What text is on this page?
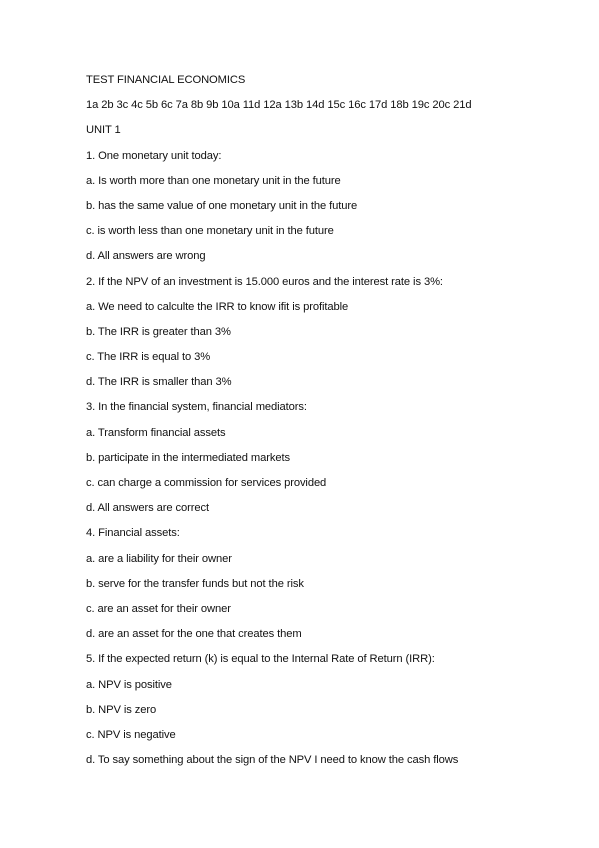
TEST FINANCIAL ECONOMICS
1a 2b 3c 4c 5b 6c 7a 8b 9b 10a 11d 12a 13b 14d 15c 16c 17d 18b 19c 20c 21d
UNIT 1
1. One monetary unit today:
a. Is worth more than one monetary unit in the future
b. has the same value of one monetary unit in the future
c. is worth less than one monetary unit in the future
d. All answers are wrong
2. If the NPV of an investment is 15.000 euros and the interest rate is 3%:
a. We need to calculte the IRR to know ifit is profitable
b. The IRR is greater than 3%
c. The IRR is equal to 3%
d. The IRR is smaller than 3%
3. In the financial system, financial mediators:
a. Transform financial assets
b. participate in the intermediated markets
c. can charge a commission for services provided
d. All answers are correct
4. Financial assets:
a. are a liability for their owner
b. serve for the transfer funds but not the risk
c. are an asset for their owner
d. are an asset for the one that creates them
5. If the expected return (k) is equal to the Internal Rate of Return (IRR):
a. NPV is positive
b. NPV is zero
c. NPV is negative
d. To say something about the sign of the NPV I need to know the cash flows
